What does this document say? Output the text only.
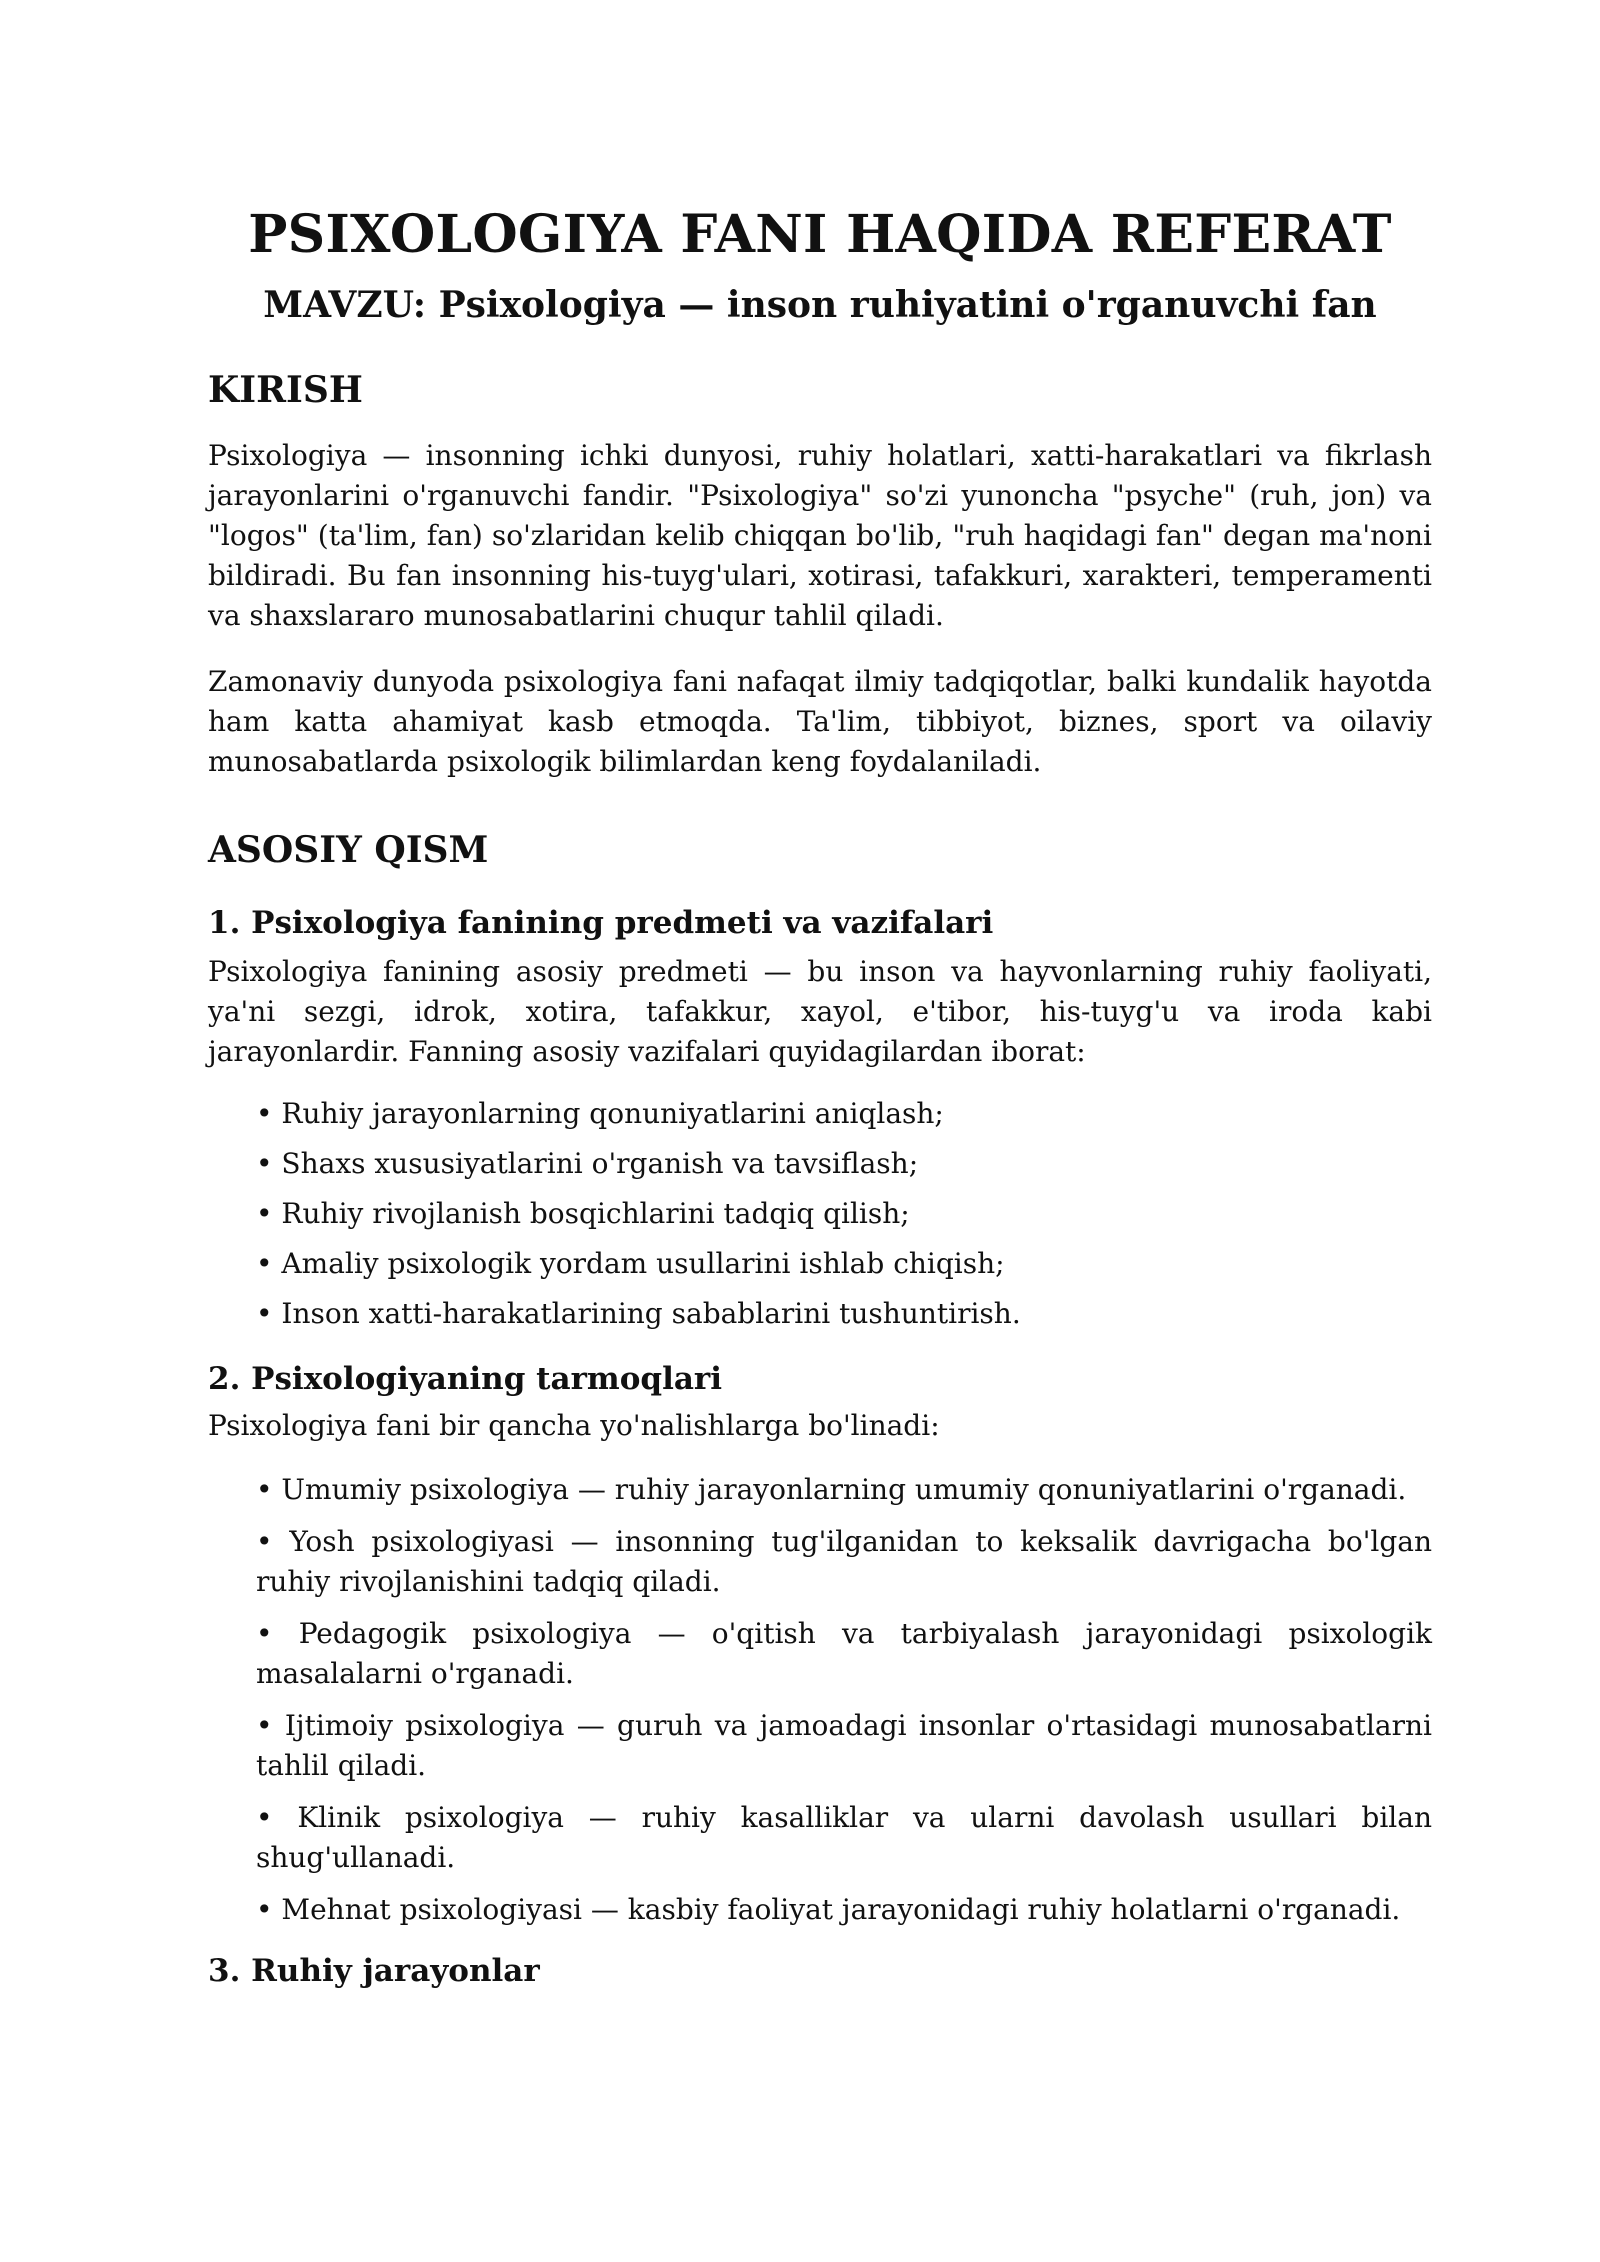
PSIXOLOGIYA FANI HAQIDA REFERAT
MAVZU: Psixologiya — inson ruhiyatini o'rganuvchi fan
KIRISH

Psixologiya — insonning ichki dunyosi, ruhiy holatlari, xatti-harakatlari va fikrlash jarayonlarini o'rganuvchi fandir. "Psixologiya" so'zi yunoncha "psyche" (ruh, jon) va "logos" (ta'lim, fan) so'zlaridan kelib chiqqan bo'lib, "ruh haqidagi fan" degan ma'noni bildiradi. Bu fan insonning his-tuyg'ulari, xotirasi, tafakkuri, xarakteri, temperamenti va shaxslararo munosabatlarini chuqur tahlil qiladi.

Zamonaviy dunyoda psixologiya fani nafaqat ilmiy tadqiqotlar, balki kundalik hayotda ham katta ahamiyat kasb etmoqda. Ta'lim, tibbiyot, biznes, sport va oilaviy munosabatlarda psixologik bilimlardan keng foydalaniladi.

ASOSIY QISM
1. Psixologiya fanining predmeti va vazifalari

Psixologiya fanining asosiy predmeti — bu inson va hayvonlarning ruhiy faoliyati, ya'ni sezgi, idrok, xotira, tafakkur, xayol, e'tibor, his-tuyg'u va iroda kabi jarayonlardir. Fanning asosiy vazifalari quyidagilardan iborat:

• Ruhiy jarayonlarning qonuniyatlarini aniqlash;
• Shaxs xususiyatlarini o'rganish va tavsiflash;
• Ruhiy rivojlanish bosqichlarini tadqiq qilish;
• Amaliy psixologik yordam usullarini ishlab chiqish;
• Inson xatti-harakatlarining sabablarini tushuntirish.
2. Psixologiyaning tarmoqlari

Psixologiya fani bir qancha yo'nalishlarga bo'linadi:

• Umumiy psixologiya — ruhiy jarayonlarning umumiy qonuniyatlarini o'rganadi.
• Yosh psixologiyasi — insonning tug'ilganidan to keksalik davrigacha bo'lgan ruhiy rivojlanishini tadqiq qiladi.
• Pedagogik psixologiya — o'qitish va tarbiyalash jarayonidagi psixologik masalalarni o'rganadi.
• Ijtimoiy psixologiya — guruh va jamoadagi insonlar o'rtasidagi munosabatlarni tahlil qiladi.
• Klinik psixologiya — ruhiy kasalliklar va ularni davolash usullari bilan shug'ullanadi.
• Mehnat psixologiyasi — kasbiy faoliyat jarayonidagi ruhiy holatlarni o'rganadi.
3. Ruhiy jarayonlar
